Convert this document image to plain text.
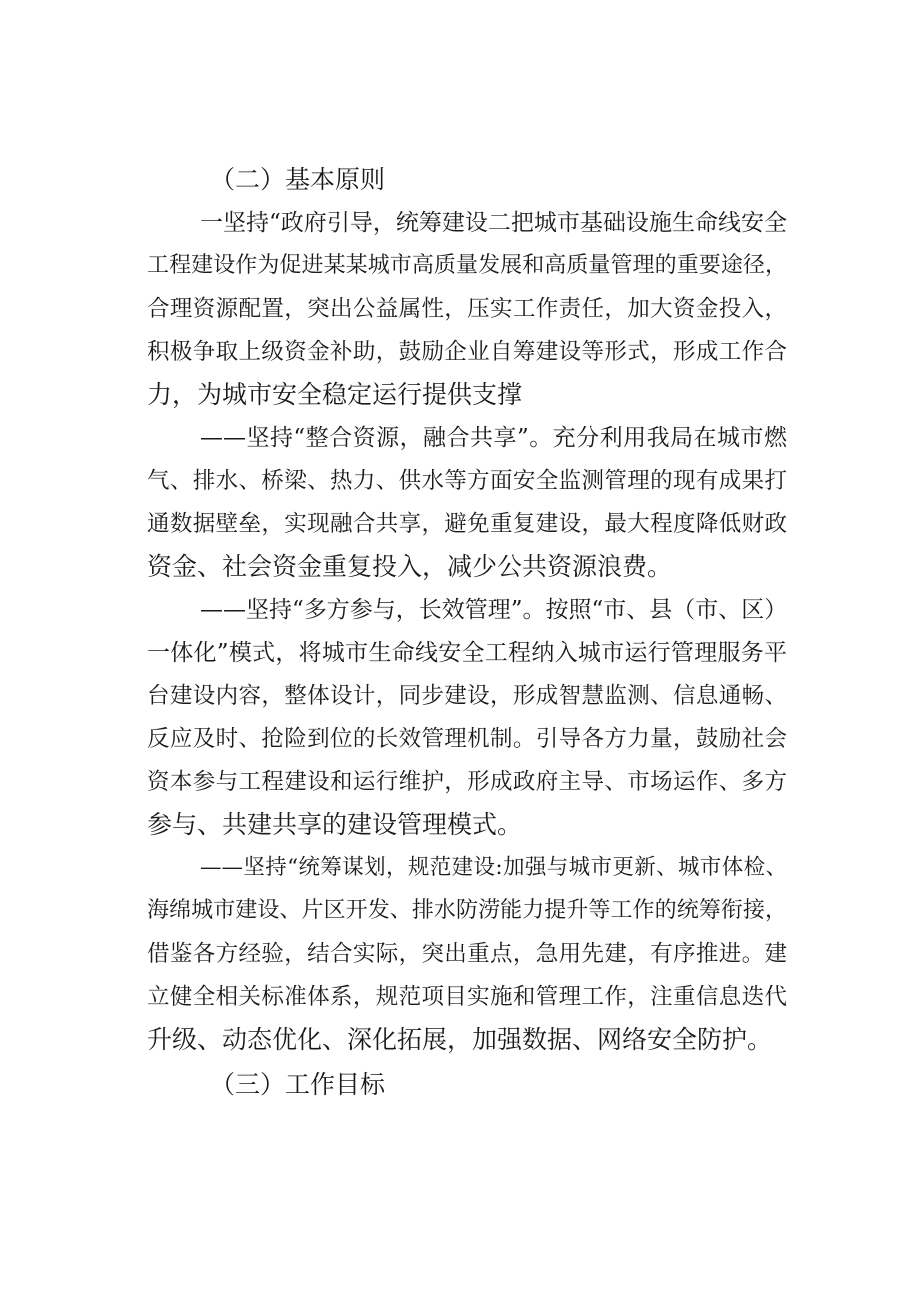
（二）基本原则
一坚持“政府引导，统筹建设二把城市基础设施生命线安全
工程建设作为促进某某城市高质量发展和高质量管理的重要途径，
合理资源配置，突出公益属性，压实工作责任，加大资金投入，
积极争取上级资金补助，鼓励企业自筹建设等形式，形成工作合
力，为城市安全稳定运行提供支撑
——坚持“整合资源，融合共享”。充分利用我局在城市燃
气、排水、桥梁、热力、供水等方面安全监测管理的现有成果打
通数据壁垒，实现融合共享，避免重复建设，最大程度降低财政
资金、社会资金重复投入，减少公共资源浪费。
——坚持“多方参与，长效管理”。按照“市、县（市、区）
一体化”模式，将城市生命线安全工程纳入城市运行管理服务平
台建设内容，整体设计，同步建设，形成智慧监测、信息通畅、
反应及时、抢险到位的长效管理机制。引导各方力量，鼓励社会
资本参与工程建设和运行维护，形成政府主导、市场运作、多方
参与、共建共享的建设管理模式。
——坚持“统筹谋划，规范建设:加强与城市更新、城市体检、
海绵城市建设、片区开发、排水防涝能力提升等工作的统筹衔接，
借鉴各方经验，结合实际，突出重点，急用先建，有序推进。建
立健全相关标准体系，规范项目实施和管理工作，注重信息迭代
升级、动态优化、深化拓展，加强数据、网络安全防护。
（三）工作目标
